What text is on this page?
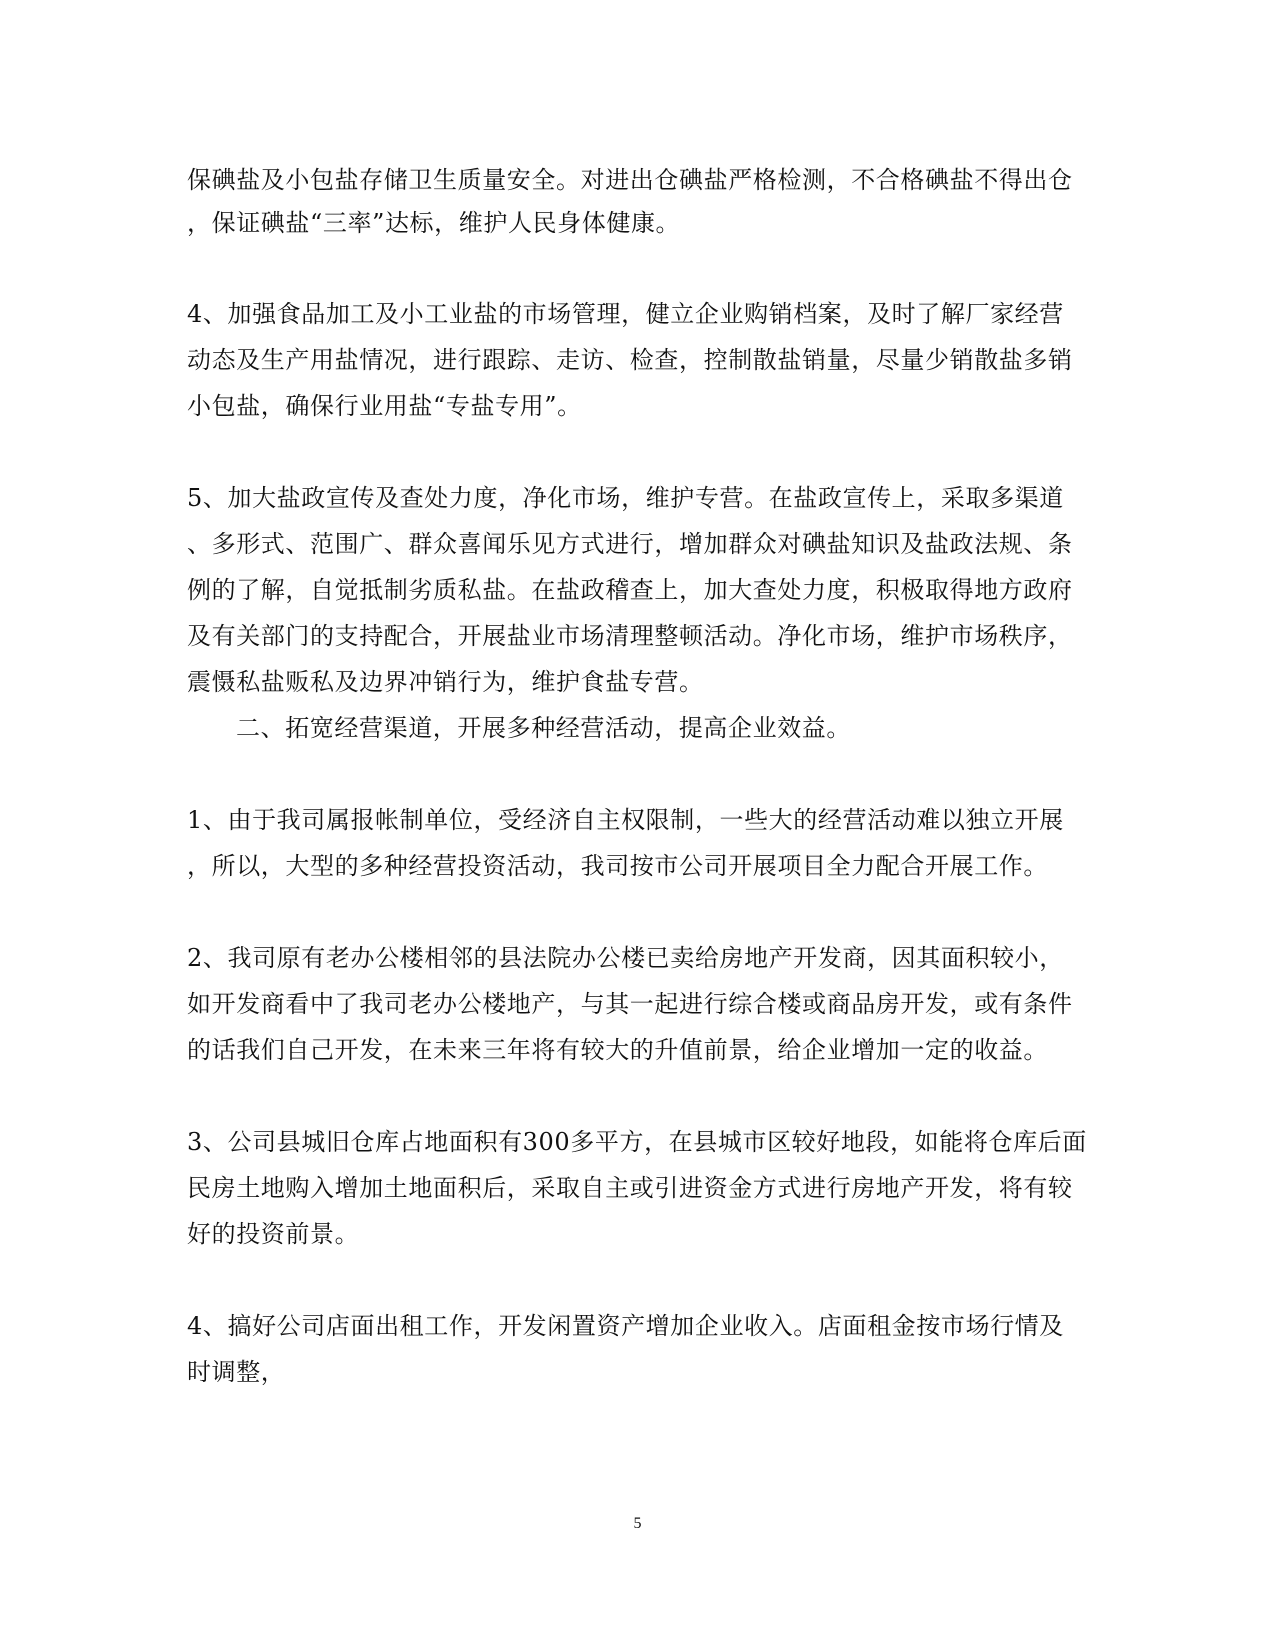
保碘盐及小包盐存储卫生质量安全。对进出仓碘盐严格检测，不合格碘盐不得出仓
，保证碘盐“三率”达标，维护人民身体健康。
4、加强食品加工及小工业盐的市场管理，健立企业购销档案，及时了解厂家经营
动态及生产用盐情况，进行跟踪、走访、检查，控制散盐销量，尽量少销散盐多销
小包盐，确保行业用盐“专盐专用”。
5、加大盐政宣传及查处力度，净化市场，维护专营。在盐政宣传上，采取多渠道
、多形式、范围广、群众喜闻乐见方式进行，增加群众对碘盐知识及盐政法规、条
例的了解，自觉抵制劣质私盐。在盐政稽查上，加大查处力度，积极取得地方政府
及有关部门的支持配合，开展盐业市场清理整顿活动。净化市场，维护市场秩序，
震慑私盐贩私及边界冲销行为，维护食盐专营。
二、拓宽经营渠道，开展多种经营活动，提高企业效益。
1、由于我司属报帐制单位，受经济自主权限制，一些大的经营活动难以独立开展
，所以，大型的多种经营投资活动，我司按市公司开展项目全力配合开展工作。
2、我司原有老办公楼相邻的县法院办公楼已卖给房地产开发商，因其面积较小，
如开发商看中了我司老办公楼地产，与其一起进行综合楼或商品房开发，或有条件
的话我们自己开发，在未来三年将有较大的升值前景，给企业增加一定的收益。
3、公司县城旧仓库占地面积有300多平方，在县城市区较好地段，如能将仓库后面
民房土地购入增加土地面积后，采取自主或引进资金方式进行房地产开发，将有较
好的投资前景。
4、搞好公司店面出租工作，开发闲置资产增加企业收入。店面租金按市场行情及
时调整，
5
